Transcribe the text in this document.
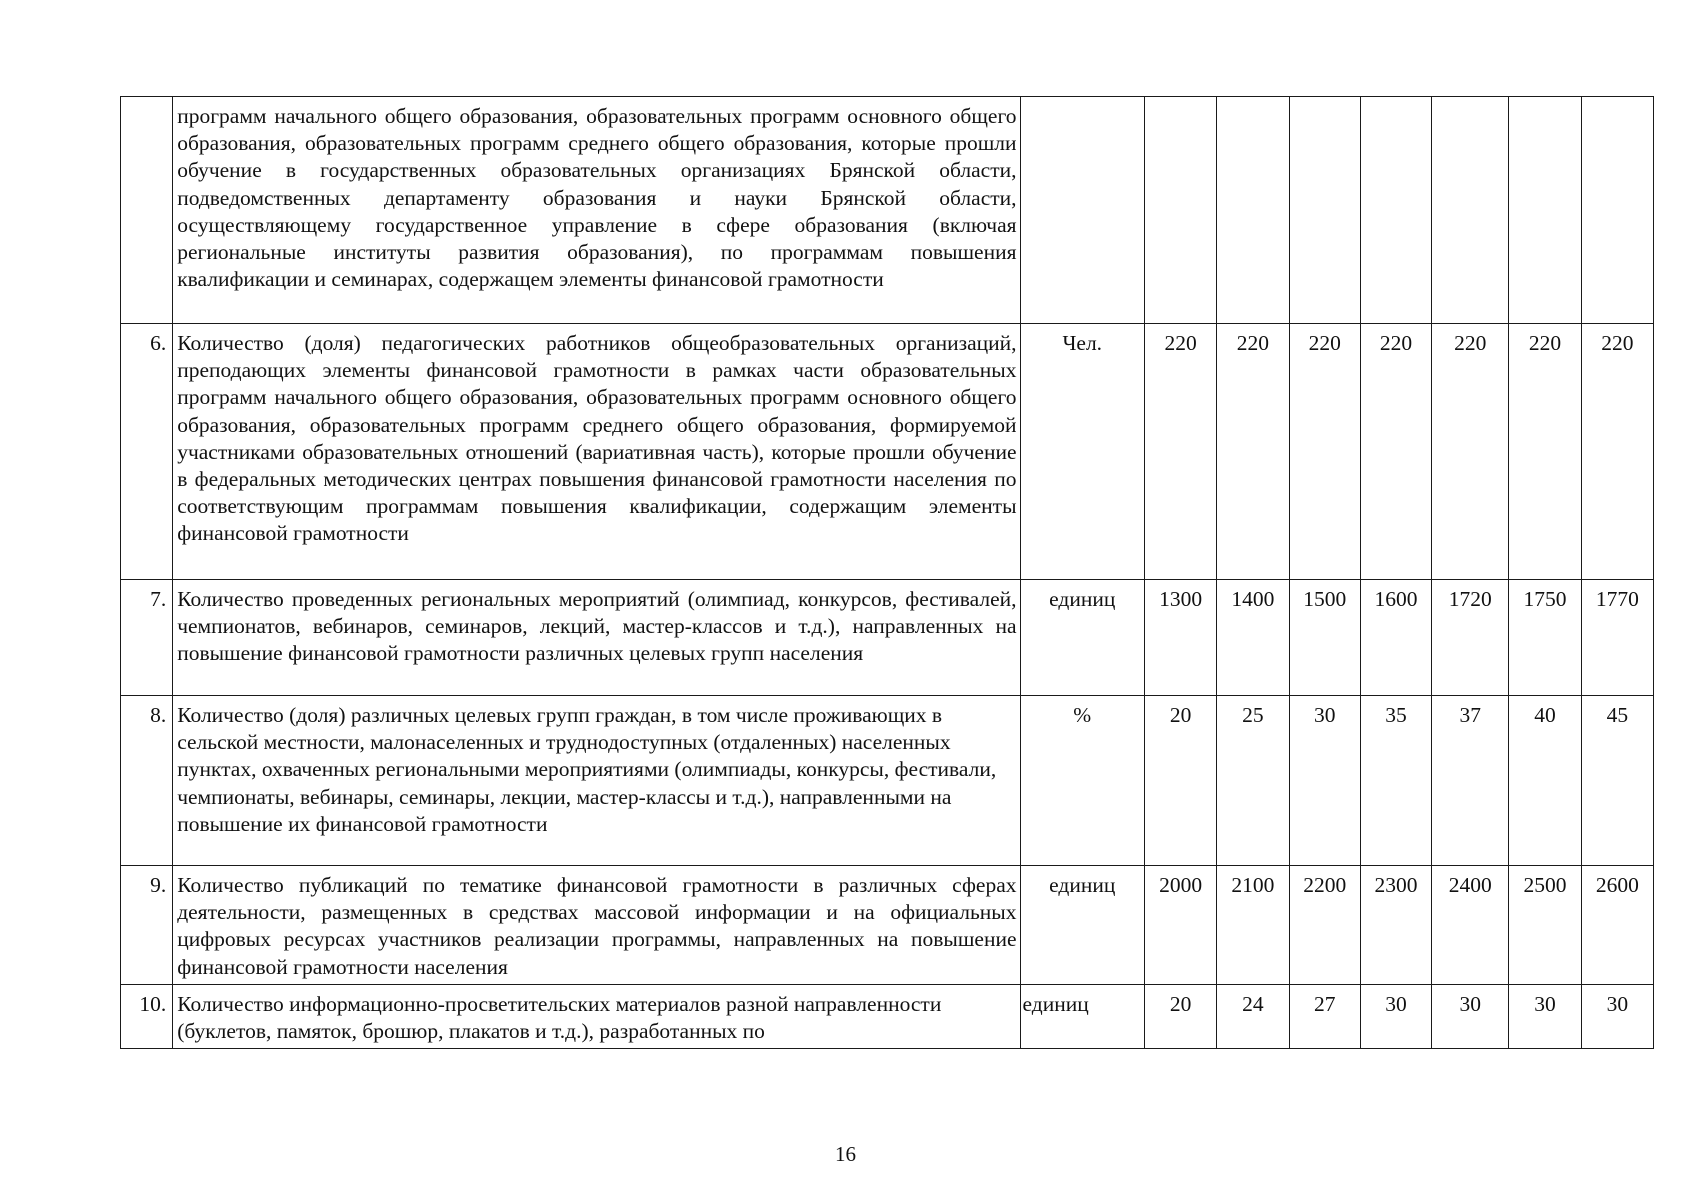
	программ начального общего образования, образовательных программ основного общего образования, образовательных программ среднего общего образования, которые прошли обучение в государственных образовательных организациях Брянской области, подведомственных департаменту образования и науки Брянской области, осуществляющему государственное управление в сфере образования (включая региональные институты развития образования), по программам повышения квалификации и семинарах, содержащем элементы финансовой грамотности								
6.	Количество (доля) педагогических работников общеобразовательных организаций, преподающих элементы финансовой грамотности в рамках части образовательных программ начального общего образования, образовательных программ основного общего образования, образовательных программ среднего общего образования, формируемой участниками образовательных отношений (вариативная часть), которые прошли обучение в федеральных методических центрах повышения финансовой грамотности населения по соответствующим программам повышения квалификации, содержащим элементы финансовой грамотности	Чел.	220	220	220	220	220	220	220
7.	Количество проведенных региональных мероприятий (олимпиад, конкурсов, фестивалей, чемпионатов, вебинаров, семинаров, лекций, мастер-классов и т.д.), направленных на повышение финансовой грамотности различных целевых групп населения	единиц	1300	1400	1500	1600	1720	1750	1770
8.	Количество (доля) различных целевых групп граждан, в том числе проживающих в сельской местности, малонаселенных и труднодоступных (отдаленных) населенных пунктах, охваченных региональными мероприятиями (олимпиады, конкурсы, фестивали, чемпионаты, вебинары, семинары, лекции, мастер-классы и т.д.), направленными на повышение их финансовой грамотности	%	20	25	30	35	37	40	45
9.	Количество публикаций по тематике финансовой грамотности в различных сферах деятельности, размещенных в средствах массовой информации и на официальных цифровых ресурсах участников реализации программы, направленных на повышение финансовой грамотности населения	единиц	2000	2100	2200	2300	2400	2500	2600
10.	Количество информационно-просветительских материалов разной направленности (буклетов, памяток, брошюр, плакатов и т.д.), разработанных по	единиц	20	24	27	30	30	30	30
16
